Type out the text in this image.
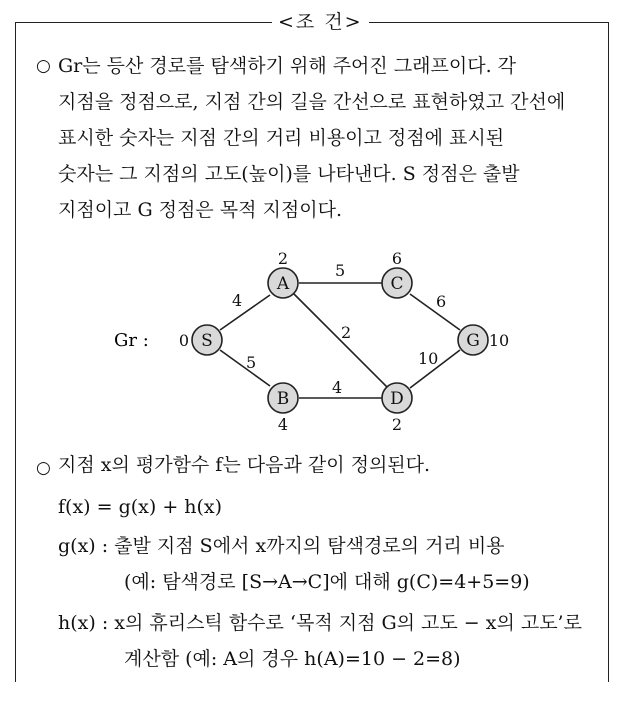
<조 건>
○ Gr는 등산 경로를 탐색하기 위해 주어진 그래프이다. 각
지점을 정점으로, 지점 간의 길을 간선으로 표현하였고 간선에
표시한 숫자는 지점 간의 거리 비용이고 정점에 표시된
숫자는 그 지점의 고도(높이)를 나타낸다. S 정점은 출발
지점이고 G 정점은 목적 지점이다.
Gr :
4
5
5
2
4
6
10
S
A
B
C
D
G
0
2
4
6
2
10
○ 지점 x의 평가함수 f는 다음과 같이 정의된다.
f(x) = g(x) + h(x)
g(x) : 출발 지점 S에서 x까지의 탐색경로의 거리 비용
(예: 탐색경로 [S→A→C]에 대해 g(C)=4+5=9)
h(x) : x의 휴리스틱 함수로 ‘목적 지점 G의 고도 − x의 고도’로
계산함 (예: A의 경우 h(A)=10 − 2=8)
